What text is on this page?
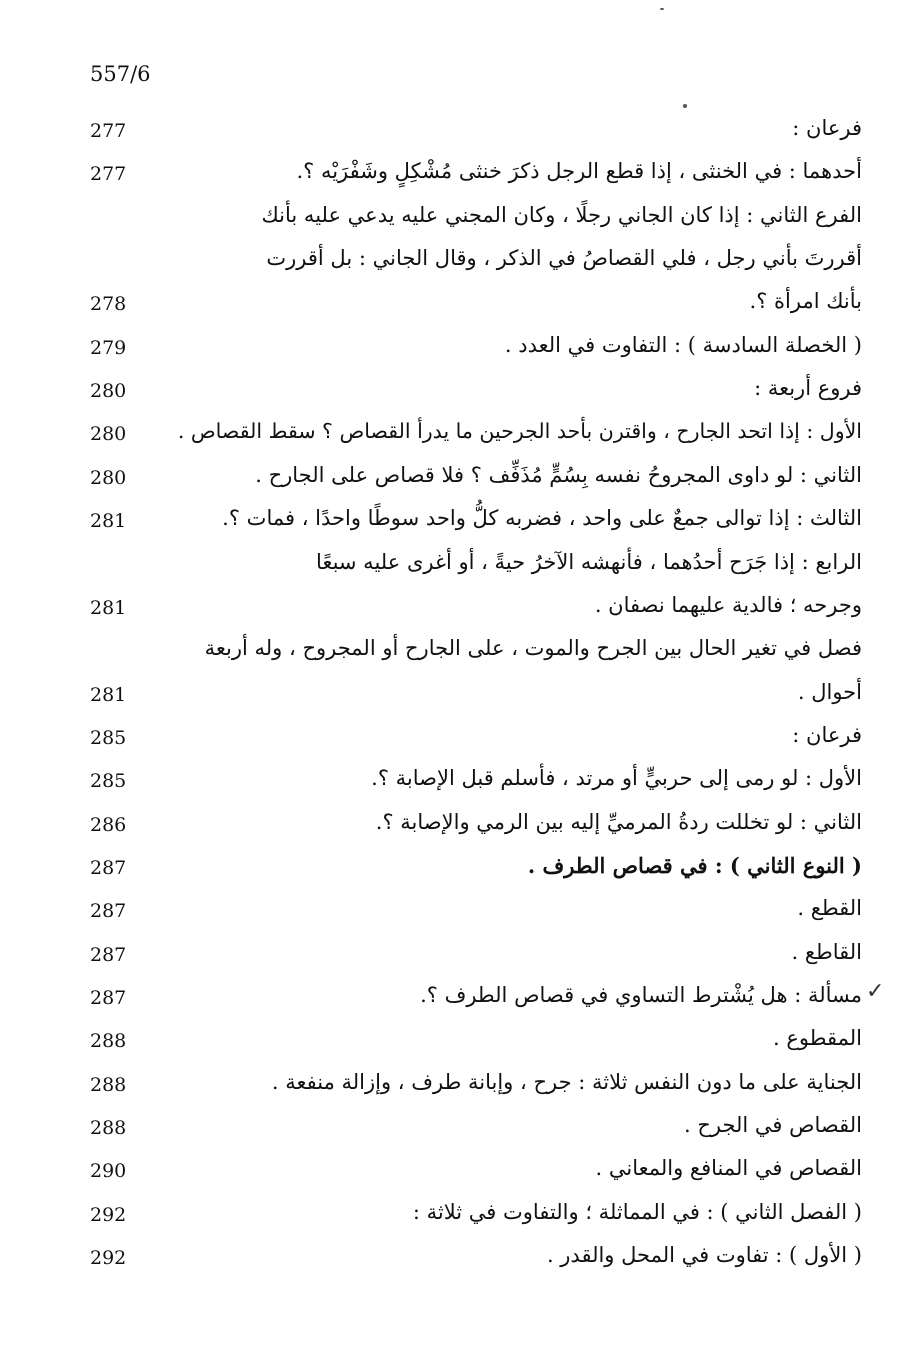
557/6
277	فرعان :
277	أحدهما : في الخنثى ، إذا قطع الرجل ذكرَ خنثى مُشْكِلٍ وشَفْرَيْه ؟.
الفرع الثاني : إذا كان الجاني رجلًا ، وكان المجني عليه يدعي عليه بأنك
أقررتَ بأني رجل ، فلي القصاصُ في الذكر ، وقال الجاني : بل أقررت
278	بأنك امرأة ؟.
279	( الخصلة السادسة ) : التفاوت في العدد .
280	فروع أربعة :
280	الأول : إذا اتحد الجارح ، واقترن بأحد الجرحين ما يدرأ القصاص ؟ سقط القصاص .
280	الثاني : لو داوى المجروحُ نفسه بِسُمٍّ مُذَفِّف ؟ فلا قصاص على الجارح .
281	الثالث : إذا توالى جمعٌ على واحد ، فضربه كلُّ واحد سوطًا واحدًا ، فمات ؟.
الرابع : إذا جَرَح أحدُهما ، فأنهشه الآخرُ حيةً ، أو أغرى عليه سبعًا
281	وجرحه ؛ فالدية عليهما نصفان .
فصل في تغير الحال بين الجرح والموت ، على الجارح أو المجروح ، وله أربعة
281	أحوال .
285	فرعان :
285	الأول : لو رمى إلى حربيٍّ أو مرتد ، فأسلم قبل الإصابة ؟.
286	الثاني : لو تخللت ردةُ المرميِّ إليه بين الرمي والإصابة ؟.
287	( النوع الثاني ) : في قصاص الطرف .
287	القطع .
287	القاطع .
287	مسألة : هل يُشْترط التساوي في قصاص الطرف ؟.
288	المقطوع .
288	الجناية على ما دون النفس ثلاثة : جرح ، وإبانة طرف ، وإزالة منفعة .
288	القصاص في الجرح .
290	القصاص في المنافع والمعاني .
292	( الفصل الثاني ) : في المماثلة ؛ والتفاوت في ثلاثة :
292	( الأول ) : تفاوت في المحل والقدر .
✓
